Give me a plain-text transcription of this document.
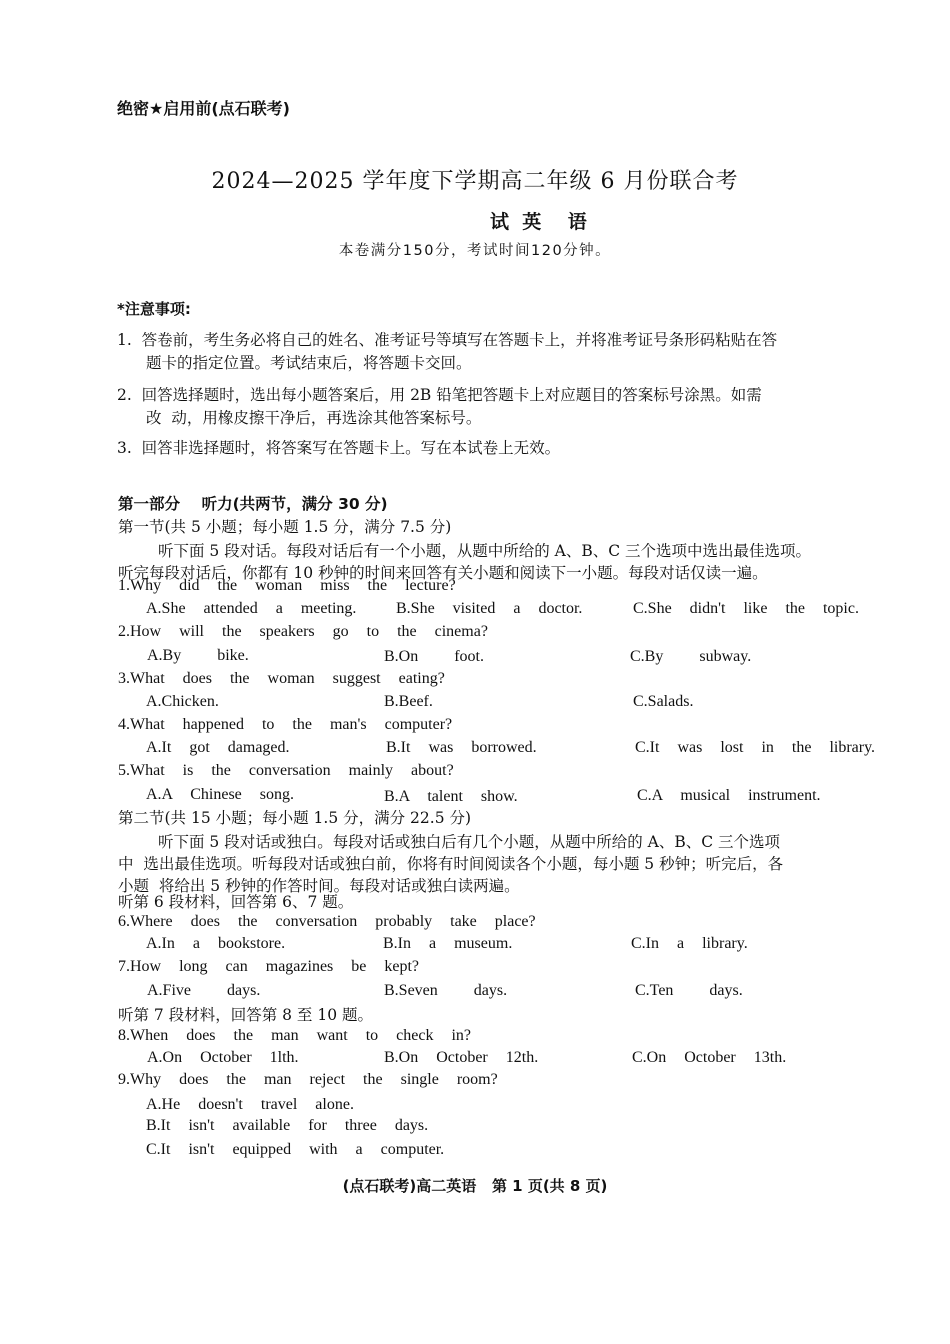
绝密★启用前(点石联考)
2024—2025 学年度下学期高二年级 6 月份联合考
试  英    语
本卷满分150分，考试时间120分钟。
*注意事项:
1.  答卷前，考生务必将自己的姓名、准考证号等填写在答题卡上，并将准考证号条形码粘贴在答
题卡的指定位置。考试结束后，将答题卡交回。
2.  回答选择题时，选出每小题答案后，用 2B 铅笔把答题卡上对应题目的答案标号涂黑。如需
改  动，用橡皮擦干净后，再选涂其他答案标号。
3.  回答非选择题时，将答案写在答题卡上。写在本试卷上无效。
第一部分    听力(共两节，满分 30 分)
第一节(共 5 小题；每小题 1.5 分，满分 7.5 分)
听下面 5 段对话。每段对话后有一个小题，从题中所给的 A、B、C 三个选项中选出最佳选项。
听完每段对话后，你都有 10 秒钟的时间来回答有关小题和阅读下一小题。每段对话仅读一遍。
1.Why did the woman miss the lecture?
A.She attended a meeting. B.She visited a doctor.	C.She didn't like the topic.
2.How will the speakers go to the cinema?
A.By  bike.	B.On  foot.	C.By  subway.
3.What does the woman suggest eating?
A.Chicken.	B.Beef.	C.Salads.
4.What happened to the man's computer?
A.It got damaged.	B.It was borrowed.	C.It was lost in the library.
5.What is the conversation mainly about?
A.A Chinese song.	B.A talent show.	C.A musical instrument.
第二节(共 15 小题；每小题 1.5 分，满分 22.5 分)
听下面 5 段对话或独白。每段对话或独白后有几个小题，从题中所给的 A、B、C 三个选项
中  选出最佳选项。听每段对话或独白前，你将有时间阅读各个小题，每小题 5 秒钟；听完后，各
小题  将给出 5 秒钟的作答时间。每段对话或独白读两遍。
听第 6 段材料，回答第 6、7 题。
6.Where does the conversation probably take place?
A.In a bookstore.	B.In a museum.	C.In a library.
7.How long can magazines be kept?
A.Five  days.	B.Seven  days.	C.Ten  days.
听第 7 段材料，回答第 8 至 10 题。
8.When does the man want to check in?
A.On October 1lth.	B.On October 12th.	C.On October 13th.
9.Why does the man reject the single room?
A.He doesn't travel alone.
B.It isn't available for three days.
C.It isn't equipped with a computer.
(点石联考)高二英语   第 1 页(共 8 页)
